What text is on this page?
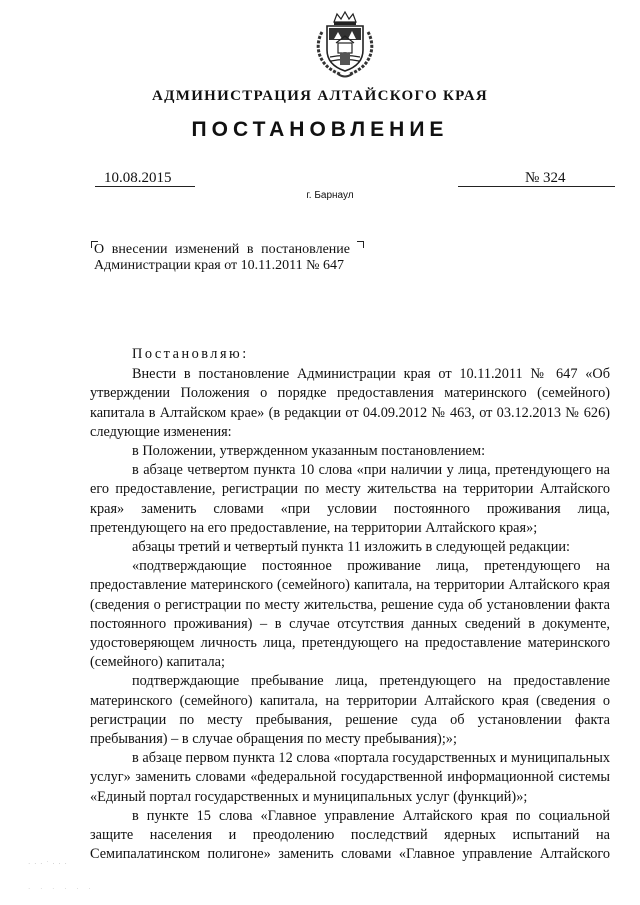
АДМИНИСТРАЦИЯ АЛТАЙСКОГО КРАЯ
ПОСТАНОВЛЕНИЕ
10.08.2015	№ 324
г. Барнаул
О внесении изменений в постановление Администрации края от 10.11.2011 № 647

Постановляю:

Внести в постановление Администрации края от 10.11.2011 № 647 «Об утверждении Положения о порядке предоставления материнского (семейного) капитала в Алтайском крае» (в редакции от 04.09.2012 № 463, от 03.12.2013 № 626) следующие изменения:

в Положении, утвержденном указанным постановлением:

в абзаце четвертом пункта 10 слова «при наличии у лица, претендующего на его предоставление, регистрации по месту жительства на территории Алтайского края» заменить словами «при условии постоянного проживания лица, претендующего на его предоставление, на территории Алтайского края»;

абзацы третий и четвертый пункта 11 изложить в следующей редакции:

«подтверждающие постоянное проживание лица, претендующего на предоставление материнского (семейного) капитала, на территории Алтайского края (сведения о регистрации по месту жительства, решение суда об установлении факта постоянного проживания) – в случае отсутствия данных сведений в документе, удостоверяющем личность лица, претендующего на предоставление материнского (семейного) капитала;

подтверждающие пребывание лица, претендующего на предоставление материнского (семейного) капитала, на территории Алтайского края (сведения о регистрации по месту пребывания, решение суда об установлении факта пребывания) – в случае обращения по месту пребывания);»;

в абзаце первом пункта 12 слова «портала государственных и муниципальных услуг» заменить словами «федеральной государственной информационной системы «Единый портал государственных и муниципальных услуг (функций)»;

в пункте 15 слова «Главное управление Алтайского края по социальной защите населения и преодолению последствий ядерных испытаний на Семипалатинском полигоне» заменить словами «Главное управление Алтайского

· · · ˙ · · ·
· · · · · ·
